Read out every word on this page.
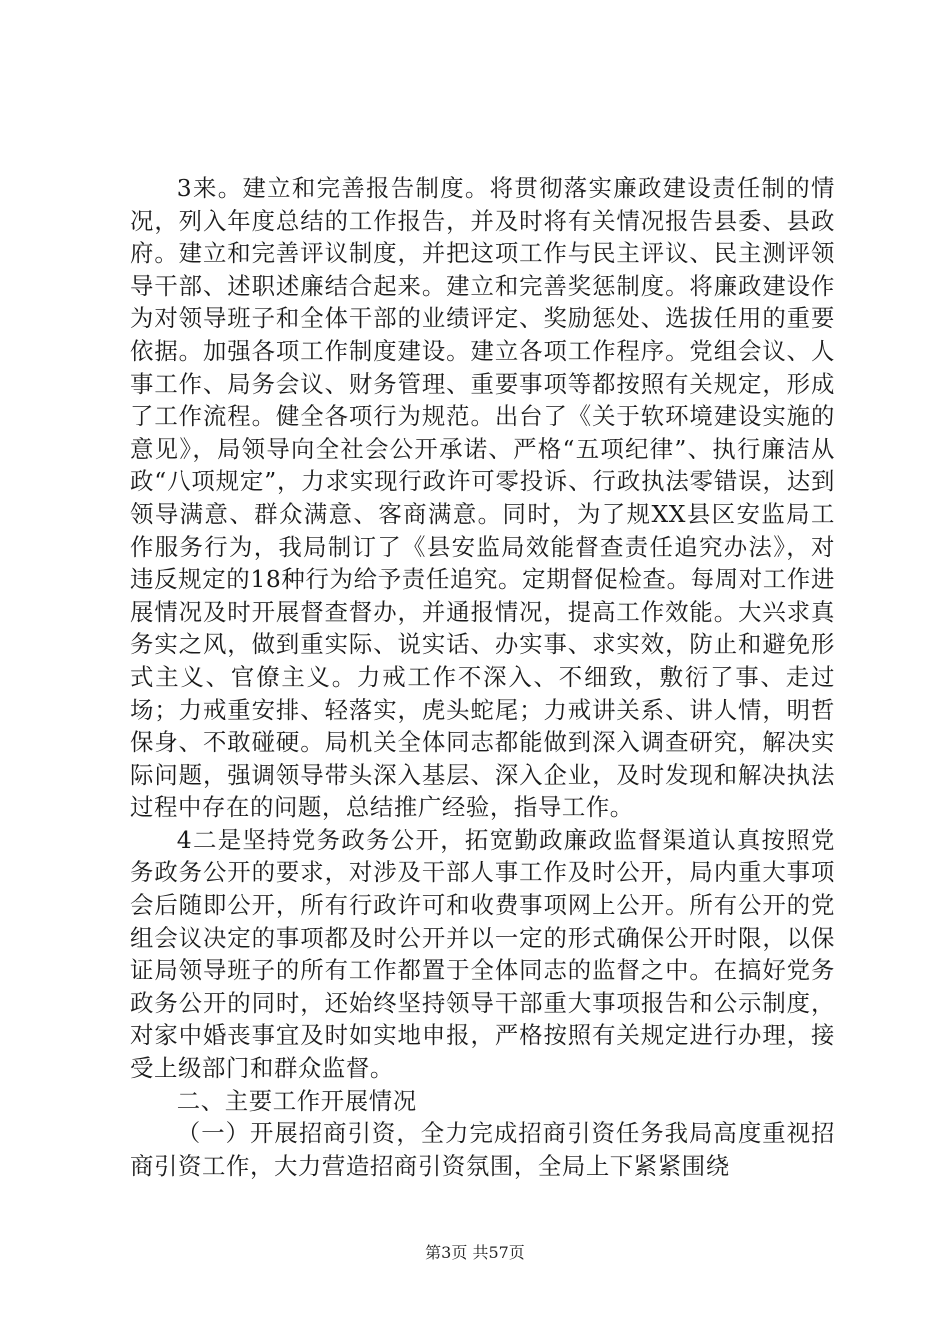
3来。建立和完善报告制度。将贯彻落实廉政建设责任制的情况，列入年度总结的工作报告，并及时将有关情况报告县委、县政府。建立和完善评议制度，并把这项工作与民主评议、民主测评领导干部、述职述廉结合起来。建立和完善奖惩制度。将廉政建设作为对领导班子和全体干部的业绩评定、奖励惩处、选拔任用的重要依据。加强各项工作制度建设。建立各项工作程序。党组会议、人事工作、局务会议、财务管理、重要事项等都按照有关规定，形成了工作流程。健全各项行为规范。出台了《关于软环境建设实施的意见》，局领导向全社会公开承诺、严格“五项纪律”、执行廉洁从政“八项规定”，力求实现行政许可零投诉、行政执法零错误，达到领导满意、群众满意、客商满意。同时，为了规XX县区安监局工作服务行为，我局制订了《县安监局效能督查责任追究办法》，对违反规定的18种行为给予责任追究。定期督促检查。每周对工作进展情况及时开展督查督办，并通报情况，提高工作效能。大兴求真务实之风，做到重实际、说实话、办实事、求实效，防止和避免形式主义、官僚主义。力戒工作不深入、不细致，敷衍了事、走过场；力戒重安排、轻落实，虎头蛇尾；力戒讲关系、讲人情，明哲保身、不敢碰硬。局机关全体同志都能做到深入调查研究，解决实际问题，强调领导带头深入基层、深入企业，及时发现和解决执法过程中存在的问题，总结推广经验，指导工作。

4二是坚持党务政务公开，拓宽勤政廉政监督渠道认真按照党务政务公开的要求，对涉及干部人事工作及时公开，局内重大事项会后随即公开，所有行政许可和收费事项网上公开。所有公开的党组会议决定的事项都及时公开并以一定的形式确保公开时限，以保证局领导班子的所有工作都置于全体同志的监督之中。在搞好党务政务公开的同时，还始终坚持领导干部重大事项报告和公示制度，对家中婚丧事宜及时如实地申报，严格按照有关规定进行办理，接受上级部门和群众监督。

二、主要工作开展情况

（一）开展招商引资，全力完成招商引资任务我局高度重视招商引资工作，大力营造招商引资氛围，全局上下紧紧围绕

第3页 共57页
